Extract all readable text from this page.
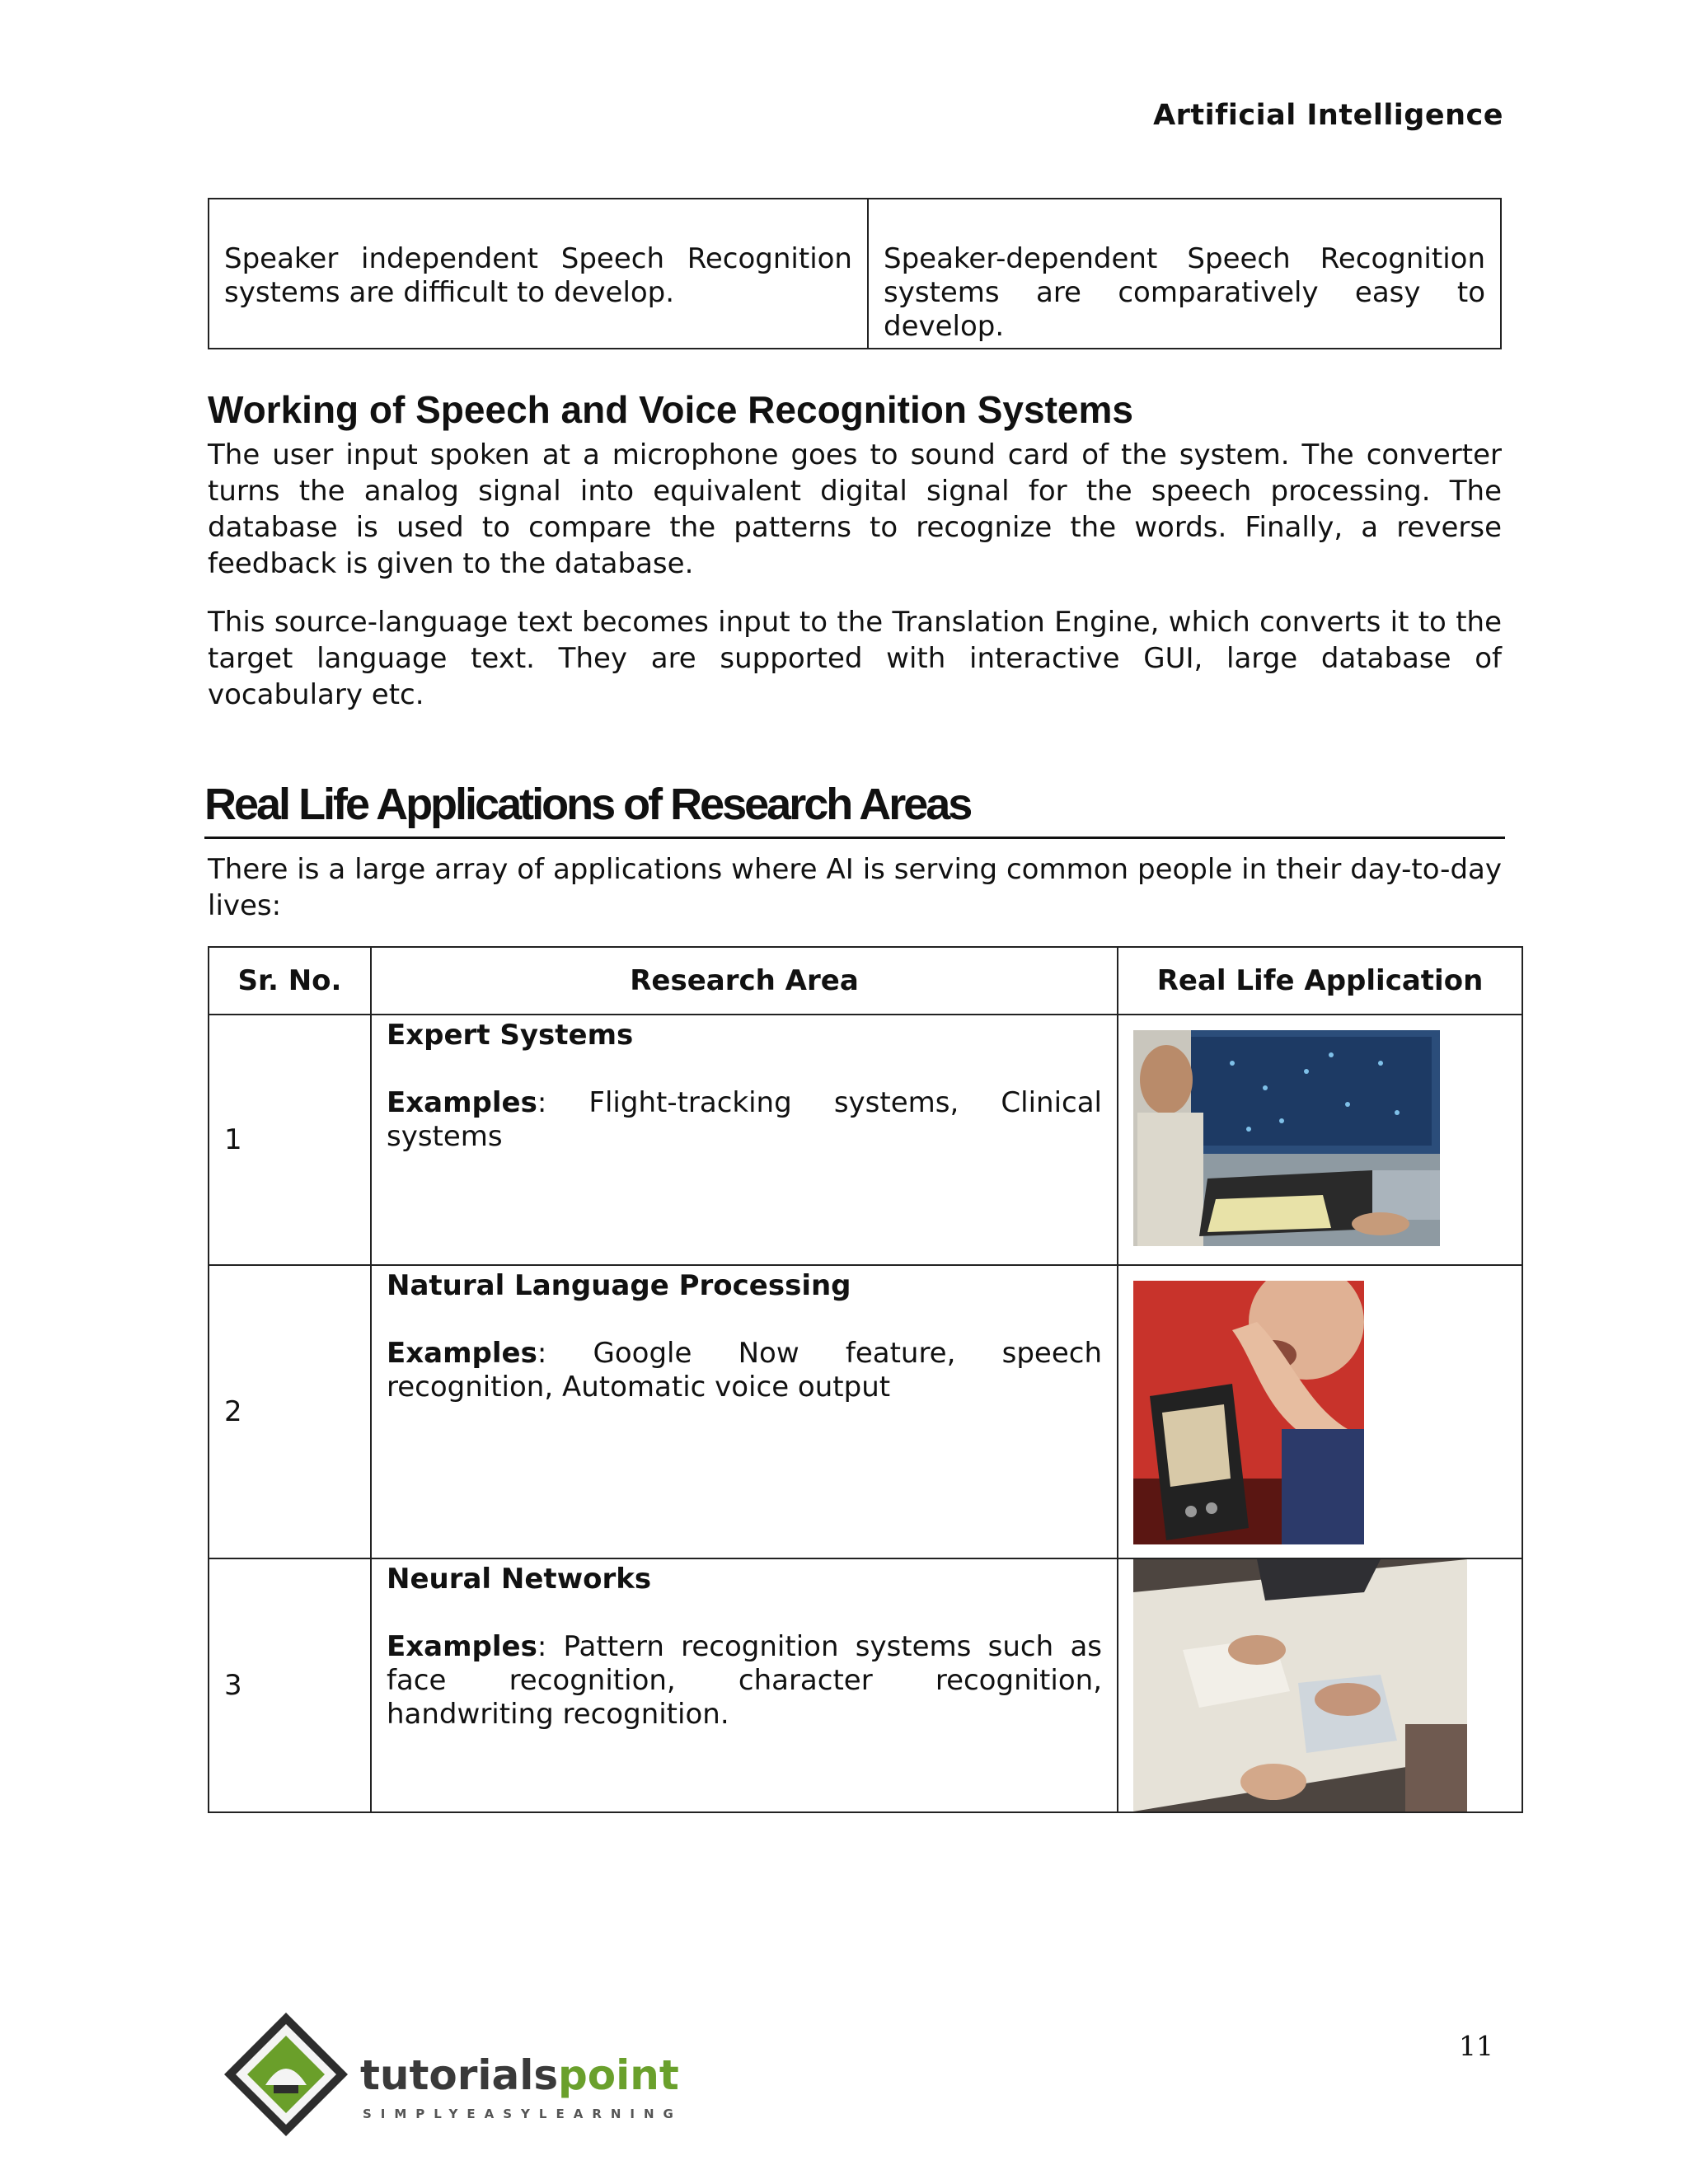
Artificial Intelligence
Speaker independent Speech Recognition systems are difficult to develop.	Speaker-dependent Speech Recognition systems are comparatively easy to develop.
Working of Speech and Voice Recognition Systems
The user input spoken at a microphone goes to sound card of the system. The converter turns the analog signal into equivalent digital signal for the speech processing. The database is used to compare the patterns to recognize the words. Finally, a reverse feedback is given to the database.
This source-language text becomes input to the Translation Engine, which converts it to the target language text. They are supported with interactive GUI, large database of vocabulary etc.
Real Life Applications of Research Areas
There is a large array of applications where AI is serving common people in their day-to-day lives:
Sr. No.	Research Area	Real Life Application
1	Expert Systems
Examples: Flight-tracking systems, Clinical systems

2	Natural Language Processing
Examples: Google Now feature, speech recognition, Automatic voice output

3	Neural Networks
Examples: Pattern recognition systems such as face recognition, character recognition, handwriting recognition.

11
tutorials point
SIMPLYEASYLEARNING
